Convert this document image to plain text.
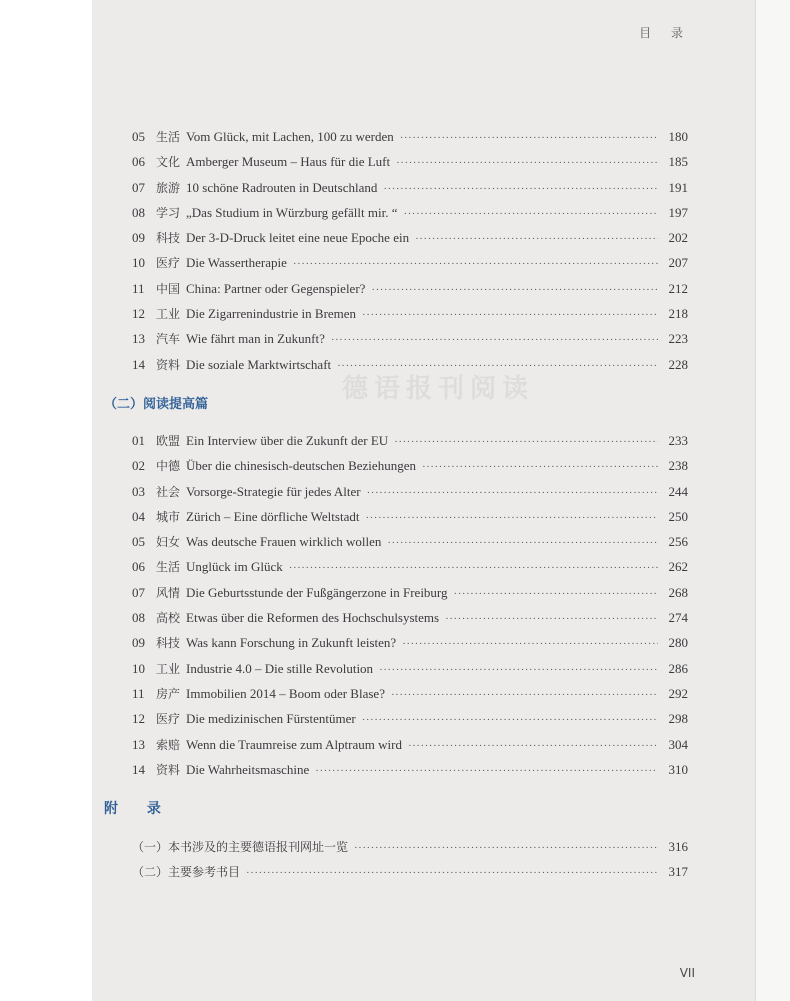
目 录
德语报刊阅读
05 生活 Vom Glück, mit Lachen, 100 zu werden ·····	180
06 文化 Amberger Museum – Haus für die Luft ·····	185
07 旅游 10 schöne Radrouten in Deutschland ·····	191
08 学习 „Das Studium in Würzburg gefällt mir. “ ·····	197
09 科技 Der 3-D-Druck leitet eine neue Epoche ein ·····	202
10 医疗 Die Wassertherapie ·····	207
11 中国 China: Partner oder Gegenspieler? ·····	212
12 工业 Die Zigarrenindustrie in Bremen ·····	218
13 汽车 Wie fährt man in Zukunft? ·····	223
14 资料 Die soziale Marktwirtschaft ·····	228
（二）阅读提高篇
01 欧盟 Ein Interview über die Zukunft der EU ·····	233
02 中德 Über die chinesisch-deutschen Beziehungen ·····	238
03 社会 Vorsorge-Strategie für jedes Alter ·····	244
04 城市 Zürich – Eine dörfliche Weltstadt ·····	250
05 妇女 Was deutsche Frauen wirklich wollen ·····	256
06 生活 Unglück im Glück ·····	262
07 风情 Die Geburtsstunde der Fußgängerzone in Freiburg ·····	268
08 高校 Etwas über die Reformen des Hochschulsystems ·····	274
09 科技 Was kann Forschung in Zukunft leisten? ·····	280
10 工业 Industrie 4.0 – Die stille Revolution ·····	286
11 房产 Immobilien 2014 – Boom oder Blase? ·····	292
12 医疗 Die medizinischen Fürstentümer ·····	298
13 索赔 Wenn die Traumreise zum Alptraum wird ·····	304
14 资料 Die Wahrheitsmaschine ·····	310
附 录
（一）本书涉及的主要德语报刊网址一览 ·····	316
（二）主要参考书目 ·····	317
VII
